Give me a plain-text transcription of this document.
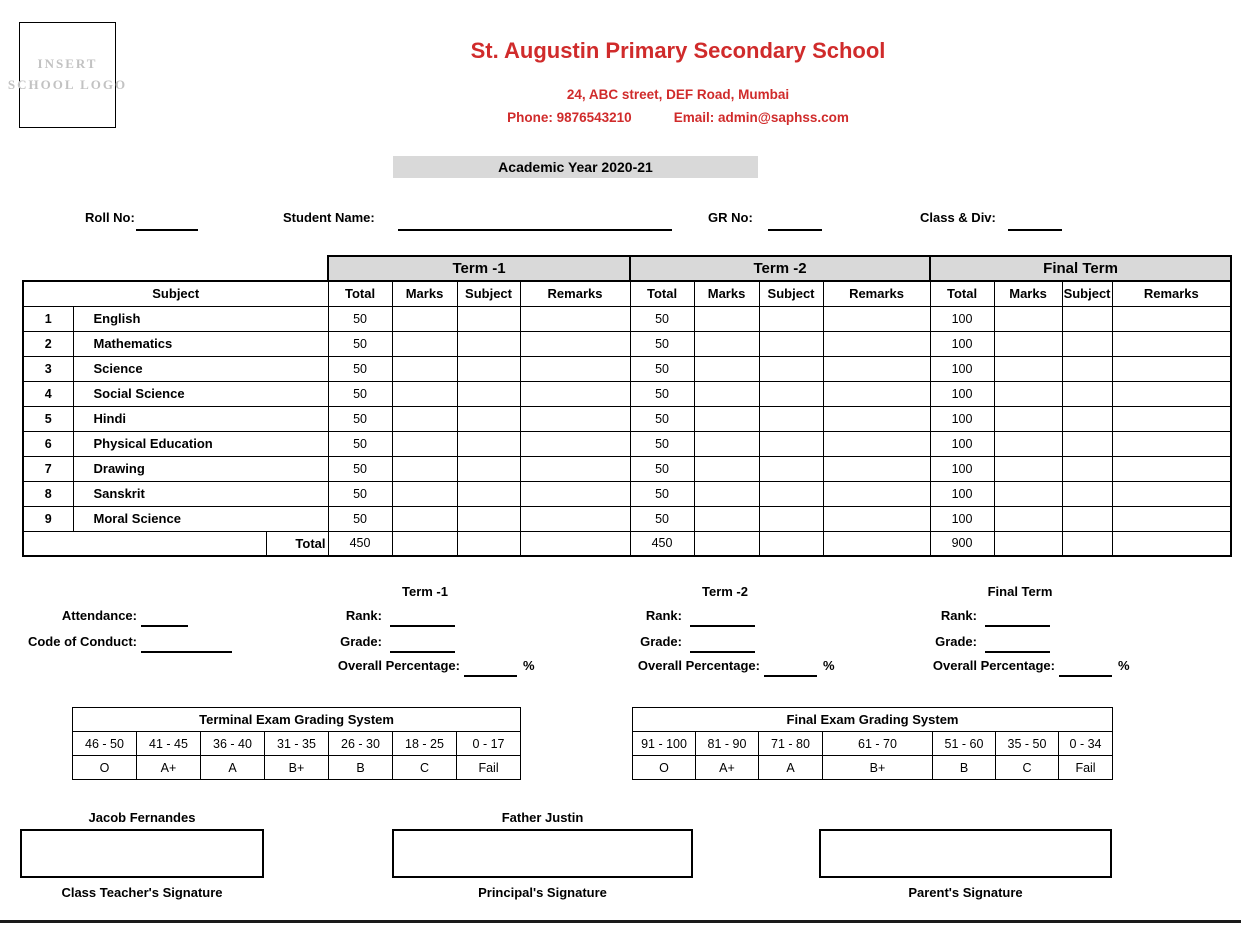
INSERT
SCHOOL LOGO
St. Augustin Primary Secondary School
24, ABC street, DEF Road, Mumbai
Phone: 9876543210	Email: admin@saphss.com
Academic Year 2020-21
Roll No:	Student Name:	GR No:	Class & Div:
			Term -1				Term -2				Final Term			
Subject			Total	Marks	Subject	Remarks	Total	Marks	Subject	Remarks	Total	Marks	Subject	Remarks
1	English		50				50				100			
2	Mathematics		50				50				100			
3	Science		50				50				100			
4	Social Science		50				50				100			
5	Hindi		50				50				100			
6	Physical Education		50				50				100			
7	Drawing		50				50				100			
8	Sanskrit		50				50				100			
9	Moral Science		50				50				100			
		Total	450				450				900			
Attendance:
Code of Conduct:
Term -1
Rank:
Grade:
Overall Percentage:	%
Term -2
Rank:
Grade:
Overall Percentage:	%
Final Term
Rank:
Grade:
Overall Percentage:	%
Terminal Exam Grading System						
46 - 50	41 - 45	36 - 40	31 - 35	26 - 30	18 - 25	0 - 17
O	A+	A	B+	B	C	Fail
Final Exam Grading System						
91 - 100	81 - 90	71 - 80	61 - 70	51 - 60	35 - 50	0 - 34
O	A+	A	B+	B	C	Fail
Jacob Fernandes
Class Teacher's Signature
Father Justin
Principal's Signature	Parent's Signature
